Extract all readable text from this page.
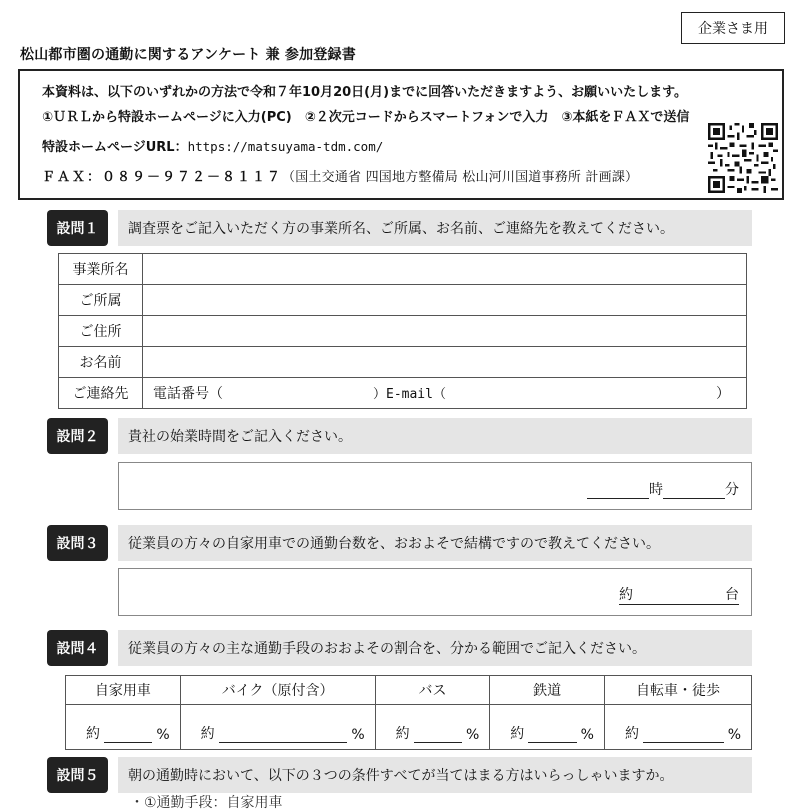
企業さま用
松山都市圏の通勤に関するアンケート 兼 参加登録書
本資料は、以下のいずれかの方法で令和７年10月20日(月)までに回答いただきますよう、お願いいたします。
①ＵＲＬから特設ホームページに入力(PC)　②２次元コードからスマートフォンで入力　③本紙をＦＡＸで送信
特設ホームページURL：https://matsuyama-tdm.com/
ＦＡＸ：０８９－９７２－８１１７（国土交通省 四国地方整備局 松山河川国道事務所 計画課）
設問１	調査票をご記入いただく方の事業所名、ご所属、お名前、ご連絡先を教えてください。
事業所名	
ご所属	
ご住所	
お名前	
ご連絡先	電話番号（ ）E-mail（ ）
設問２	貴社の始業時間をご記入ください。
時	分
設問３	従業員の方々の自家用車での通勤台数を、おおよそで結構ですので教えてください。
約	台
設問４	従業員の方々の主な通勤手段のおおよその割合を、分かる範囲でご記入ください。
自家用車	バイク（原付含）	バス	鉄道	自転車・徒歩

約 %	約 %	約 %	約 %	約 %
設問５	朝の通勤時において、以下の３つの条件すべてが当てはまる方はいらっしゃいますか。
・①通勤手段：自家用車
